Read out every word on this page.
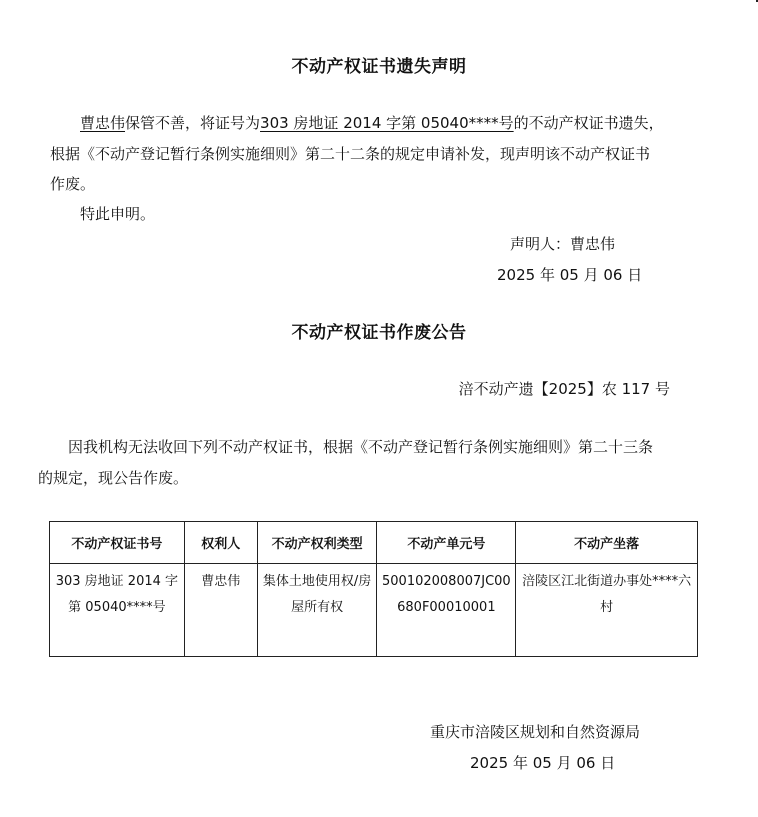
不动产权证书遗失声明
曹忠伟保管不善，将证号为303 房地证 2014 字第 05040****号的不动产权证书遗失，
根据《不动产登记暂行条例实施细则》第二十二条的规定申请补发，现声明该不动产权证书
作废。
特此申明。
声明人：曹忠伟
2025 年 05 月 06 日
不动产权证书作废公告
涪不动产遗【2025】农 117 号
因我机构无法收回下列不动产权证书，根据《不动产登记暂行条例实施细则》第二十三条
的规定，现公告作废。
不动产权证书号	权利人	不动产权利类型	不动产单元号	不动产坐落
303 房地证 2014 字第 05040****号	曹忠伟	集体土地使用权/房屋所有权	500102008007JC00680F00010001	涪陵区江北街道办事处****六村
重庆市涪陵区规划和自然资源局
2025 年 05 月 06 日
